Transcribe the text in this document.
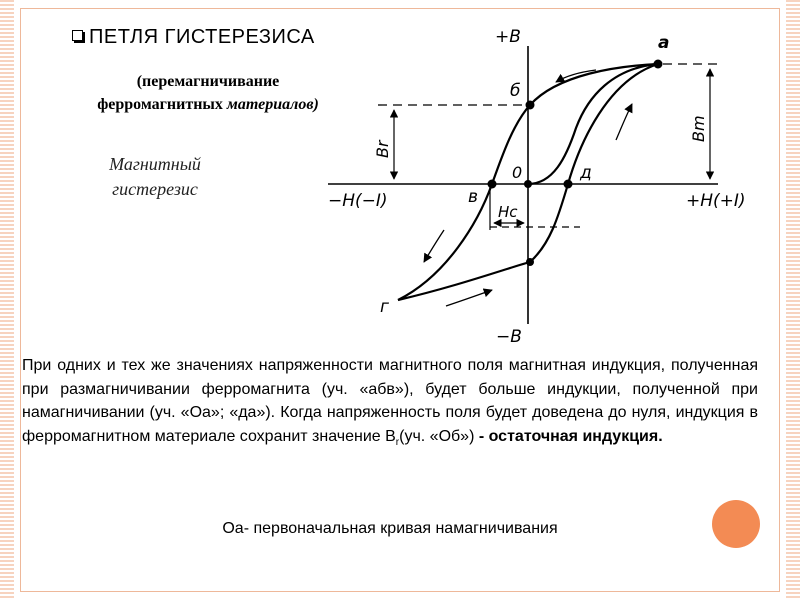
ПЕТЛЯ ГИСТЕРЕЗИСА
(перемагничивание
ферромагнитных материалов)
Магнитный
гистерезис
+B
−B
+H(+I)
−H(−I)
Br
Bm
Hc
a
б
в
г
д
0
При одних и тех же значениях напряженности магнитного поля магнитная индукция, полученная при размагничивании ферромагнита (уч. «абв»), будет больше индукции, полученной при намагничивании (уч. «Оа»; «да»). Когда напряженность поля будет доведена до нуля, индукция в ферромагнитном материале сохранит значение $B_r(уч$. «Об») - остаточная индукция.
Оа- первоначальная кривая намагничивания
